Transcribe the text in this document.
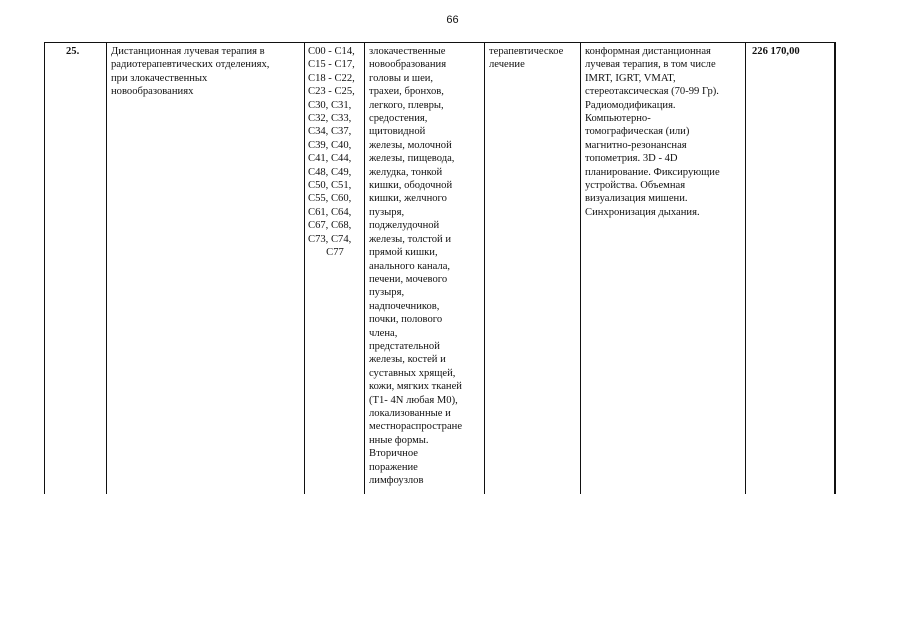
66
25.	Дистанционная лучевая терапия в
радиотерапевтических отделениях,
при злокачественных
новообразованиях
C00 - C14,
C15 - C17,
C18 - C22,
C23 - C25,
C30, C31,
C32, C33,
C34, C37,
C39, C40,
C41, C44,
C48, C49,
C50, C51,
C55, C60,
C61, C64,
C67, C68,
C73, C74,
C77
злокачественные
новообразования
головы и шеи,
трахеи, бронхов,
легкого, плевры,
средостения,
щитовидной
железы, молочной
железы, пищевода,
желудка, тонкой
кишки, ободочной
кишки, желчного
пузыря,
поджелудочной
железы, толстой и
прямой кишки,
анального канала,
печени, мочевого
пузыря,
надпочечников,
почки, полового
члена,
предстательной
железы, костей и
суставных хрящей,
кожи, мягких тканей
(T1- 4N любая M0),
локализованные и
местнораспростране
нные формы.
Вторичное
поражение
лимфоузлов
терапевтическое
лечение
конформная дистанционная
лучевая терапия, в том числе
IMRT, IGRT, VMAT,
стереотаксическая (70-99 Гр).
Радиомодификация.
Компьютерно-
томографическая (или)
магнитно-резонансная
топометрия. 3D - 4D
планирование. Фиксирующие
устройства. Объемная
визуализация мишени.
Синхронизация дыхания.
226 170,00
